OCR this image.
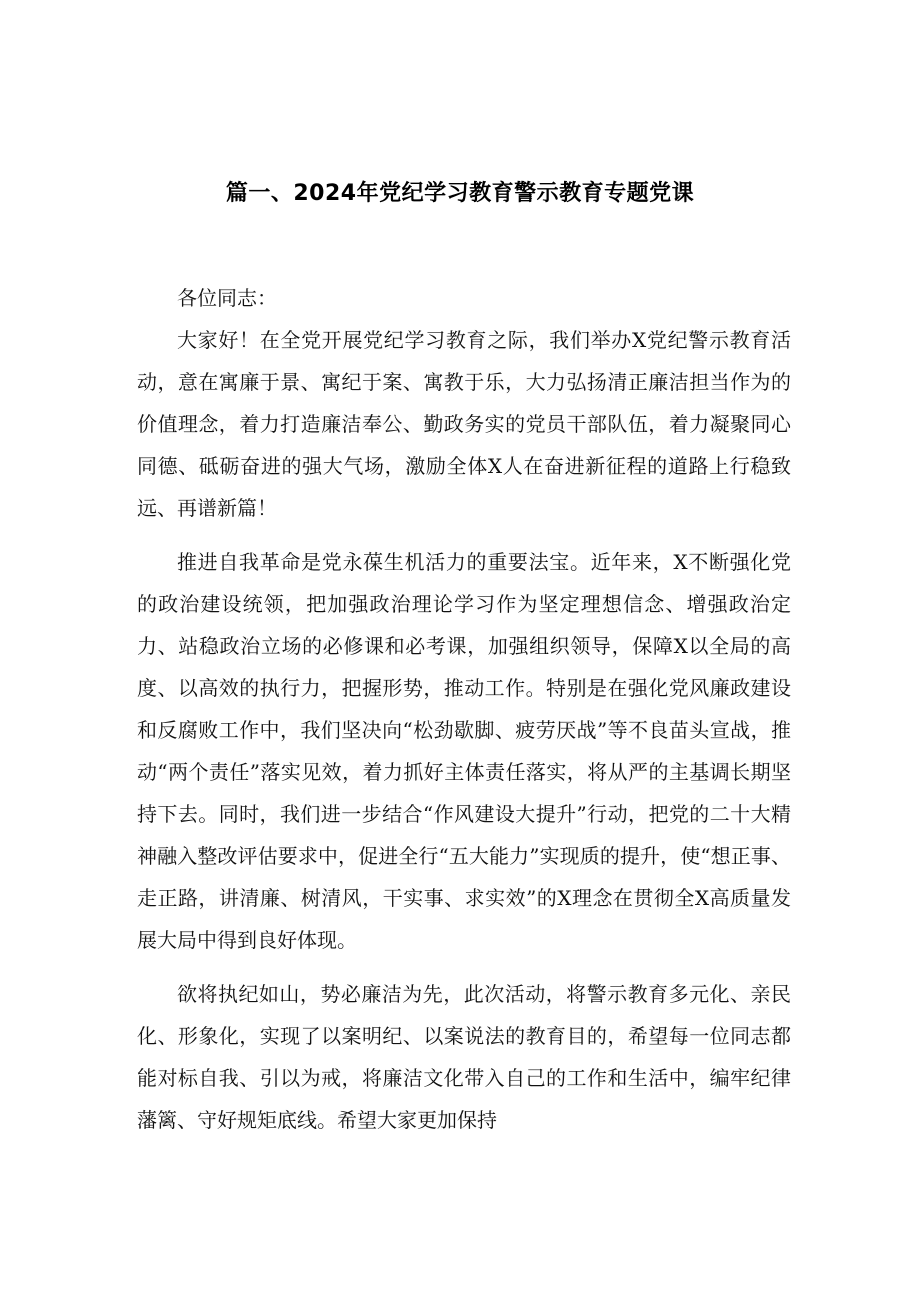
篇一、2024年党纪学习教育警示教育专题党课

各位同志：

大家好！在全党开展党纪学习教育之际，我们举办X党纪警示教育活动，意在寓廉于景、寓纪于案、寓教于乐，大力弘扬清正廉洁担当作为的价值理念，着力打造廉洁奉公、勤政务实的党员干部队伍，着力凝聚同心同德、砥砺奋进的强大气场，激励全体X人在奋进新征程的道路上行稳致远、再谱新篇！

推进自我革命是党永葆生机活力的重要法宝。近年来，X不断强化党的政治建设统领，把加强政治理论学习作为坚定理想信念、增强政治定力、站稳政治立场的必修课和必考课，加强组织领导，保障X以全局的高度、以高效的执行力，把握形势，推动工作。特别是在强化党风廉政建设和反腐败工作中，我们坚决向“松劲歇脚、疲劳厌战”等不良苗头宣战，推动“两个责任”落实见效，着力抓好主体责任落实，将从严的主基调长期坚持下去。同时，我们进一步结合“作风建设大提升”行动，把党的二十大精神融入整改评估要求中，促进全行“五大能力”实现质的提升，使“想正事、走正路，讲清廉、树清风，干实事、求实效”的X理念在贯彻全X高质量发展大局中得到良好体现。

欲将执纪如山，势必廉洁为先，此次活动，将警示教育多元化、亲民化、形象化，实现了以案明纪、以案说法的教育目的，希望每一位同志都能对标自我、引以为戒，将廉洁文化带入自己的工作和生活中，编牢纪律藩篱、守好规矩底线。希望大家更加保持
